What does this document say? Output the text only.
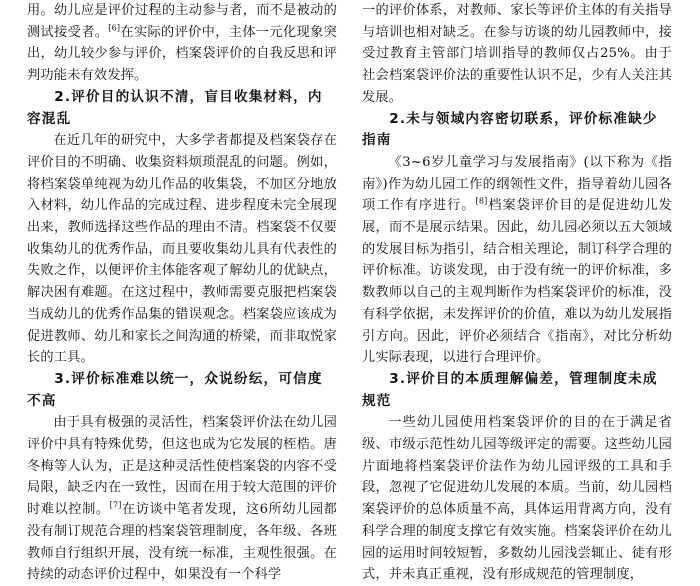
用。幼儿应是评价过程的主动参与者，而不是被动的测试接受者。[6]在实际的评价中，主体一元化现象突出，幼儿较少参与评价，档案袋评价的自我反思和评判功能未有效发挥。

2.评价目的认识不清，盲目收集材料，内容混乱

在近几年的研究中，大多学者都提及档案袋存在评价目的不明确、收集资料烦琐混乱的问题。例如，将档案袋单纯视为幼儿作品的收集袋，不加区分地放入材料，幼儿作品的完成过程、进步程度未完全展现出来，教师选择这些作品的理由不清。档案袋不仅要收集幼儿的优秀作品，而且要收集幼儿具有代表性的失败之作，以便评价主体能客观了解幼儿的优缺点，解决困有难题。在这过程中，教师需要克服把档案袋当成幼儿的优秀作品集的错误观念。档案袋应该成为促进教师、幼儿和家长之间沟通的桥梁，而非取悦家长的工具。

3.评价标准难以统一，众说纷纭，可信度不高

由于具有极强的灵活性，档案袋评价法在幼儿园评价中具有特殊优势，但这也成为它发展的桎梏。唐冬梅等人认为，正是这种灵活性使档案袋的内容不受局限，缺乏内在一致性，因而在用于较大范围的评价时难以控制。[7]在访谈中笔者发现，这6所幼儿园都没有制订规范合理的档案袋管理制度，各年级、各班教师自行组织开展，没有统一标准，主观性很强。在持续的动态评价过程中，如果没有一个科学

一的评价体系，对教师、家长等评价主体的有关指导与培训也相对缺乏。在参与访谈的幼儿园教师中，接受过教育主管部门培训指导的教师仅占25%。由于社会档案袋评价法的重要性认识不足，少有人关注其发展。

2.未与领域内容密切联系，评价标准缺少指南

《3~6岁儿童学习与发展指南》(以下称为《指南》)作为幼儿园工作的纲领性文件，指导着幼儿园各项工作有序进行。[8]档案袋评价目的是促进幼儿发展，而不是展示结果。因此，幼儿园必须以五大领域的发展目标为指引，结合相关理论，制订科学合理的评价标准。访谈发现，由于没有统一的评价标准，多数教师以自己的主观判断作为档案袋评价的标准，没有科学依据，未发挥评价的价值，难以为幼儿发展指引方向。因此，评价必须结合《指南》，对比分析幼儿实际表现，以进行合理评价。

3.评价目的本质理解偏差，管理制度未成规范

一些幼儿园使用档案袋评价的目的在于满足省级、市级示范性幼儿园等级评定的需要。这些幼儿园片面地将档案袋评价法作为幼儿园评级的工具和手段，忽视了它促进幼儿发展的本质。当前，幼儿园档案袋评价的总体质量不高，具体运用背离方向，没有科学合理的制度支撑它有效实施。档案袋评价在幼儿园的运用时间较短暂，多数幼儿园浅尝辄止、徒有形式，并未真正重视，没有形成规范的管理制度，
